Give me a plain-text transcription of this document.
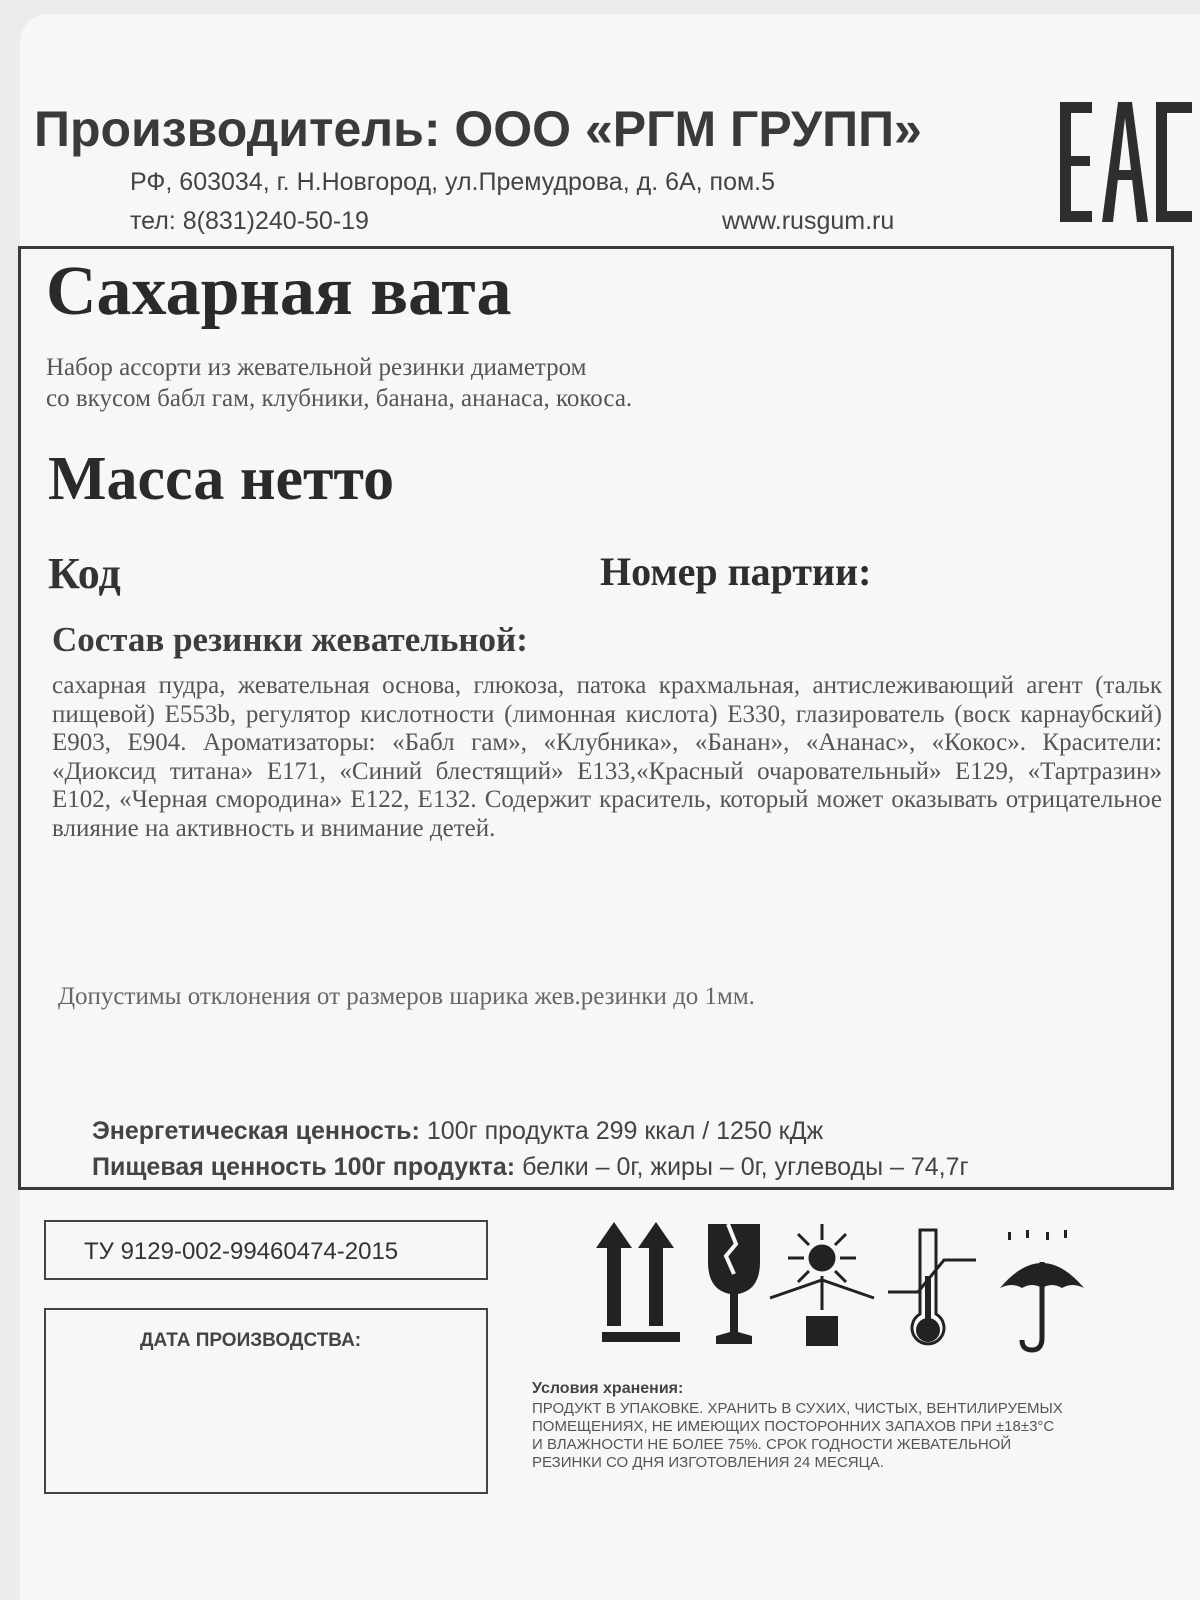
Производитель: ООО «РГМ ГРУПП»
РФ, 603034, г. Н.Новгород, ул.Премудрова, д. 6А, пом.5
тел: 8(831)240-50-19	www.rusgum.ru
Сахарная вата
Набор ассорти из жевательной резинки диаметром
со вкусом бабл гам, клубники, банана, ананаса, кокоса.
Масса нетто
Код	Номер партии:
Состав резинки жевательной:
сахарная пудра, жевательная основа, глюкоза, патока крахмальная, антислеживающий агент (тальк пищевой) Е553b, регулятор кислотности (лимонная кислота) Е330, глазирователь (воск карнаубский) Е903, Е904. Ароматизаторы: «Бабл гам», «Клубника», «Банан», «Ананас», «Кокос». Красители: «Диоксид титана» Е171, «Синий блестящий» Е133,«Красный очаровательный» Е129, «Тартразин» Е102, «Черная смородина» Е122, Е132. Содержит краситель, который может оказывать отрицательное влияние на активность и внимание детей.
Допустимы отклонения от размеров шарика жев.резинки до 1мм.
Энергетическая ценность: 100г продукта 299 ккал / 1250 кДж
Пищевая ценность 100г продукта: белки – 0г, жиры – 0г, углеводы – 74,7г
ТУ 9129-002-99460474-2015
ДАТА ПРОИЗВОДСТВА:
Условия хранения:
ПРОДУКТ В УПАКОВКЕ. ХРАНИТЬ В СУХИХ, ЧИСТЫХ, ВЕНТИЛИРУЕМЫХ
ПОМЕЩЕНИЯХ, НЕ ИМЕЮЩИХ ПОСТОРОННИХ ЗАПАХОВ ПРИ ±18±3°С
И ВЛАЖНОСТИ НЕ БОЛЕЕ 75%. СРОК ГОДНОСТИ ЖЕВАТЕЛЬНОЙ
РЕЗИНКИ СО ДНЯ ИЗГОТОВЛЕНИЯ 24 МЕСЯЦА.
